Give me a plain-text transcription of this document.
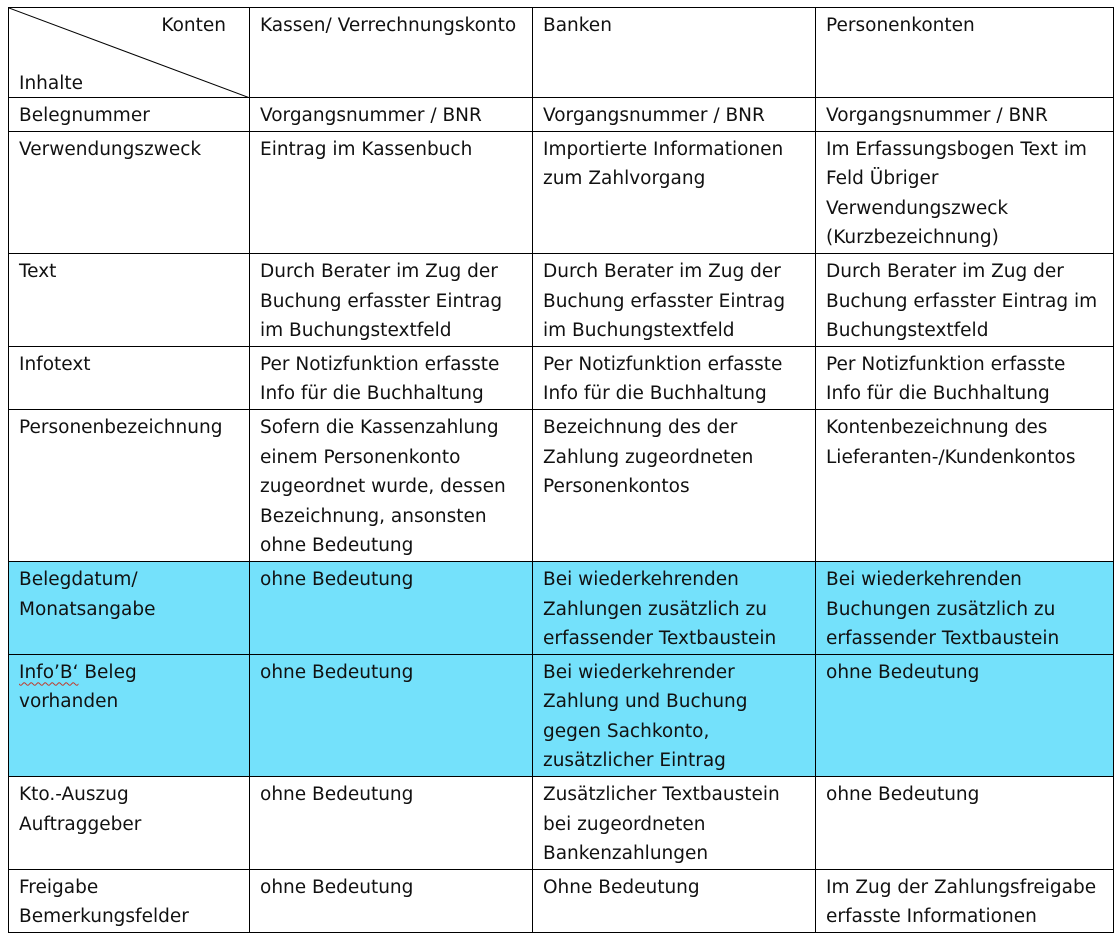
Konten
Inhalte	Kassen/ Verrechnungskonto	Banken	Personenkonten
Belegnummer	Vorgangsnummer / BNR	Vorgangsnummer / BNR	Vorgangsnummer / BNR
Verwendungszweck	Eintrag im Kassenbuch	Importierte Informationen zum Zahlvorgang	Im Erfassungsbogen Text im Feld Übriger Verwendungszweck (Kurzbezeichnung)
Text	Durch Berater im Zug der Buchung erfasster Eintrag im Buchungstextfeld	Durch Berater im Zug der Buchung erfasster Eintrag im Buchungstextfeld	Durch Berater im Zug der Buchung erfasster Eintrag im Buchungstextfeld
Infotext	Per Notizfunktion erfasste Info für die Buchhaltung	Per Notizfunktion erfasste Info für die Buchhaltung	Per Notizfunktion erfasste Info für die Buchhaltung
Personenbezeichnung	Sofern die Kassenzahlung einem Personenkonto zugeordnet wurde, dessen Bezeichnung, ansonsten ohne Bedeutung	Bezeichnung des der Zahlung zugeordneten Personenkontos	Kontenbezeichnung des Lieferanten-/Kundenkontos
Belegdatum/ Monatsangabe	ohne Bedeutung	Bei wiederkehrenden Zahlungen zusätzlich zu erfassender Textbaustein	Bei wiederkehrenden Buchungen zusätzlich zu erfassender Textbaustein
Info’B‘ Beleg vorhanden	ohne Bedeutung	Bei wiederkehrender Zahlung und Buchung gegen Sachkonto, zusätzlicher Eintrag	ohne Bedeutung
Kto.-Auszug Auftraggeber	ohne Bedeutung	Zusätzlicher Textbaustein bei zugeordneten Bankenzahlungen	ohne Bedeutung
Freigabe Bemerkungsfelder	ohne Bedeutung	Ohne Bedeutung	Im Zug der Zahlungsfreigabe erfasste Informationen
